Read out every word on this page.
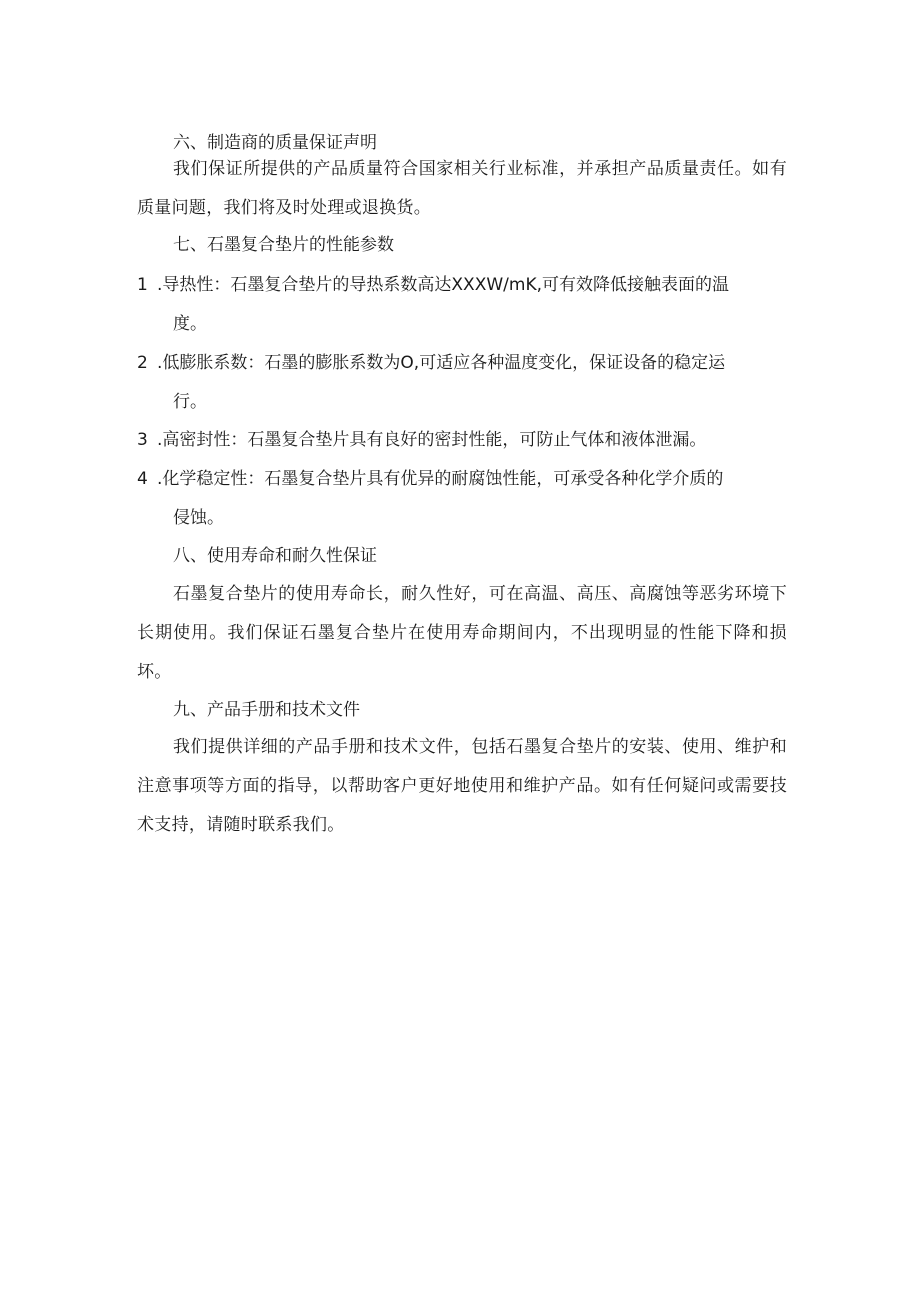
六、制造商的质量保证声明
我们保证所提供的产品质量符合国家相关行业标准，并承担产品质量责任。如有质量问题，我们将及时处理或退换货。
七、石墨复合垫片的性能参数
1 .导热性：石墨复合垫片的导热系数高达XXXW/mK,可有效降低接触表面的温
度。
2 .低膨胀系数：石墨的膨胀系数为O,可适应各种温度变化，保证设备的稳定运
行。
3 .高密封性：石墨复合垫片具有良好的密封性能，可防止气体和液体泄漏。
4 .化学稳定性：石墨复合垫片具有优异的耐腐蚀性能，可承受各种化学介质的
侵蚀。
八、使用寿命和耐久性保证
石墨复合垫片的使用寿命长，耐久性好，可在高温、高压、高腐蚀等恶劣环境下长期使用。我们保证石墨复合垫片在使用寿命期间内，不出现明显的性能下降和损坏。
九、产品手册和技术文件
我们提供详细的产品手册和技术文件，包括石墨复合垫片的安装、使用、维护和注意事项等方面的指导，以帮助客户更好地使用和维护产品。如有任何疑问或需要技术支持，请随时联系我们。
